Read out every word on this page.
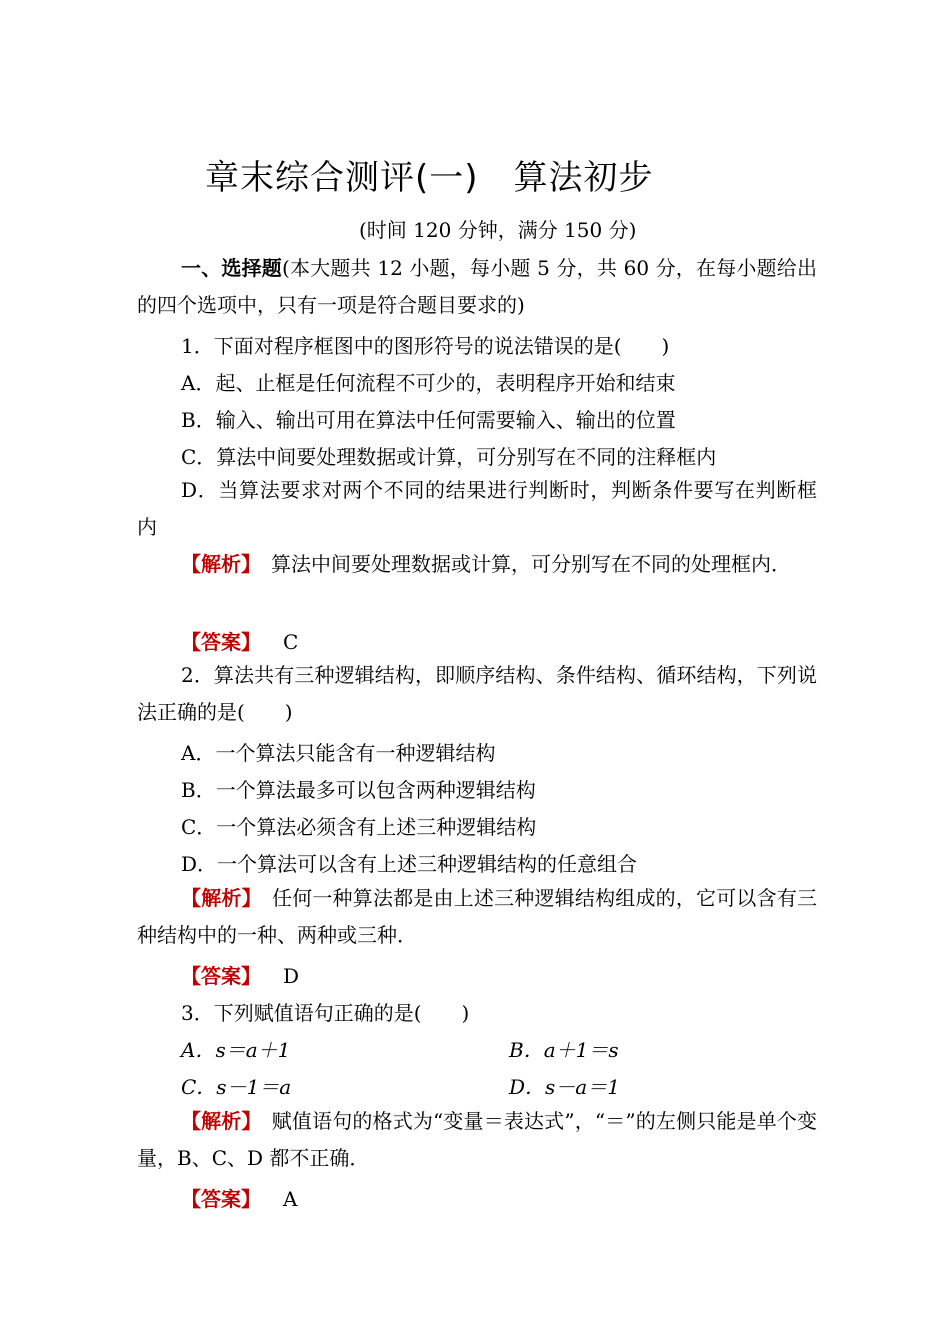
章末综合测评(一)　算法初步
(时间 120 分钟，满分 150 分)

一、选择题(本大题共 12 小题，每小题 5 分，共 60 分，在每小题给出的四个选项中，只有一项是符合题目要求的)

1．下面对程序框图中的图形符号的说法错误的是(　　)
A．起、止框是任何流程不可少的，表明程序开始和结束
B．输入、输出可用在算法中任何需要输入、输出的位置
C．算法中间要处理数据或计算，可分别写在不同的注释框内

D．当算法要求对两个不同的结果进行判断时，判断条件要写在判断框内

【解析】　算法中间要处理数据或计算，可分别写在不同的处理框内．

【答案】 C

2．算法共有三种逻辑结构，即顺序结构、条件结构、循环结构，下列说法正确的是(　　)

A．一个算法只能含有一种逻辑结构
B．一个算法最多可以包含两种逻辑结构
C．一个算法必须含有上述三种逻辑结构
D．一个算法可以含有上述三种逻辑结构的任意组合

【解析】　任何一种算法都是由上述三种逻辑结构组成的，它可以含有三种结构中的一种、两种或三种．

【答案】 D
3．下列赋值语句正确的是(　　)
A．s＝a＋1	B．a＋1＝s
C．s－1＝a	D．s－a＝1

【解析】　赋值语句的格式为“变量＝表达式”，“＝”的左侧只能是单个变量，B、C、D 都不正确．

【答案】 A
